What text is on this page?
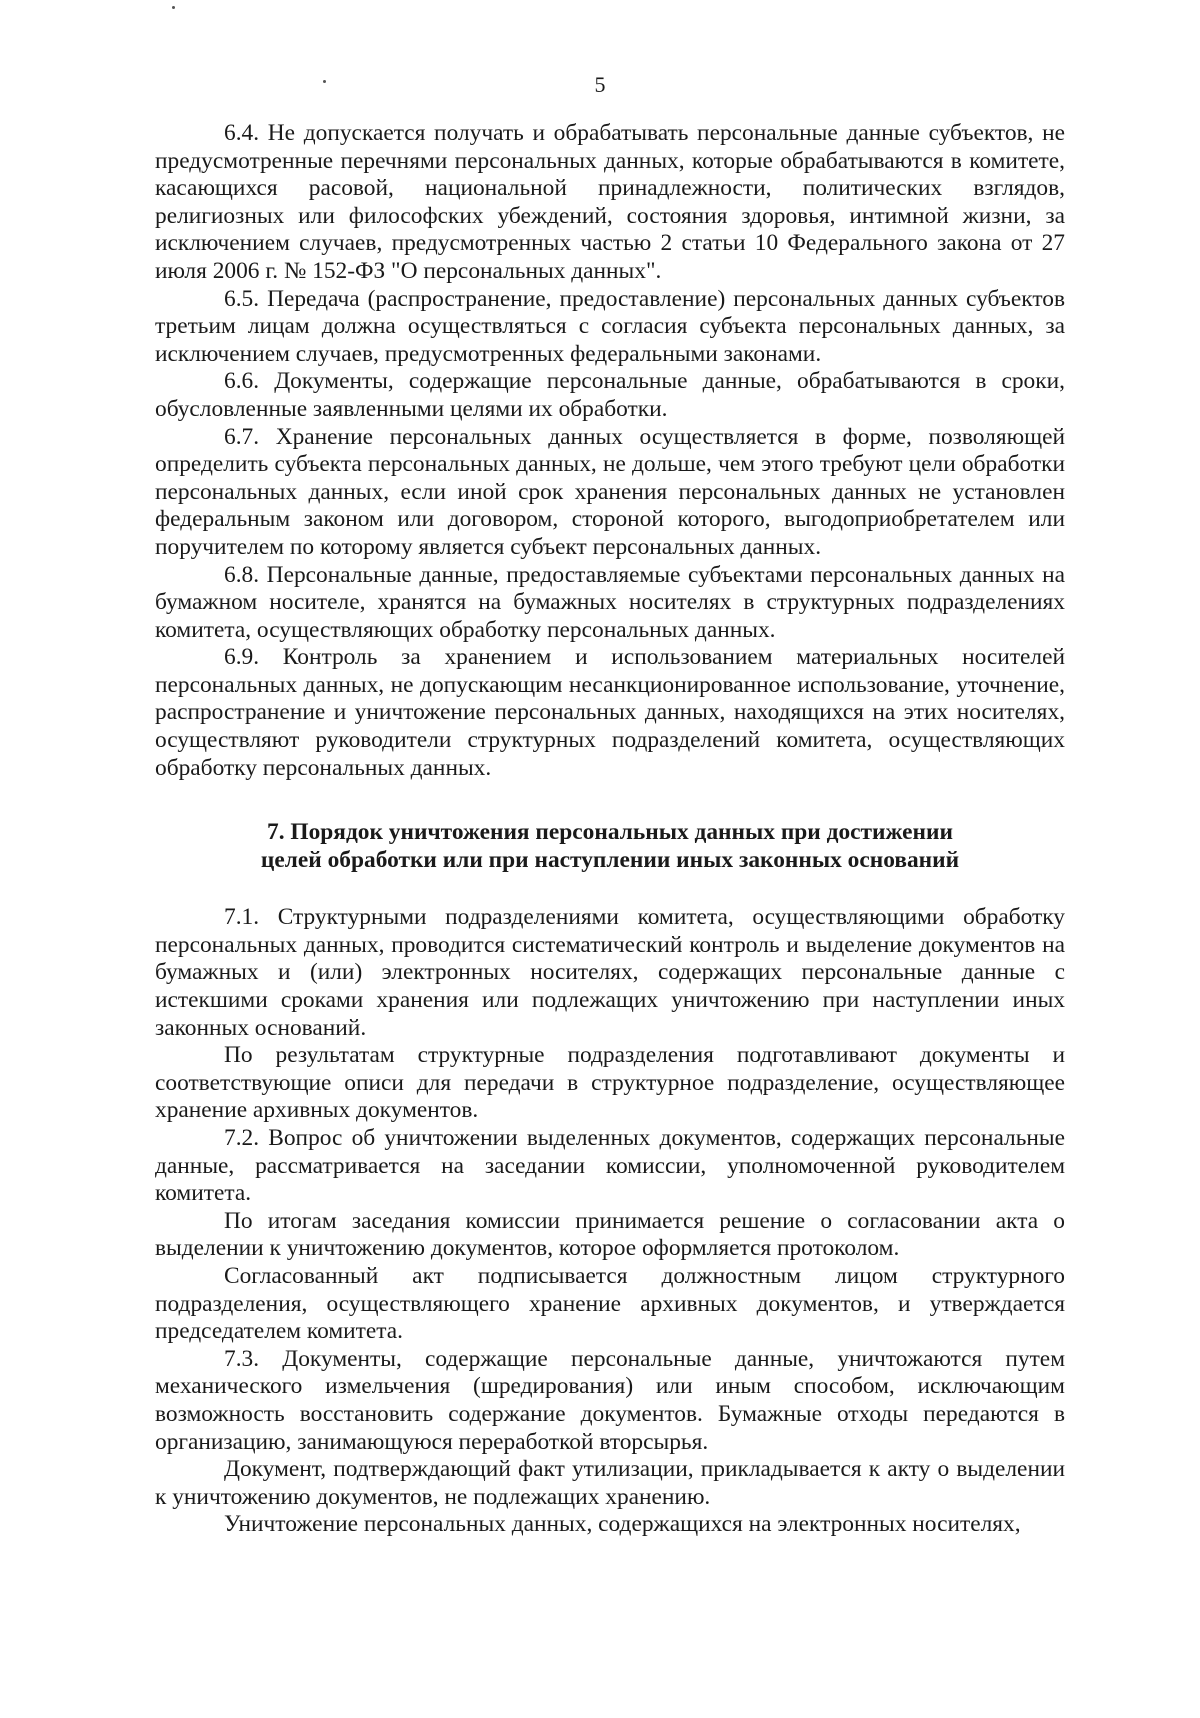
5

6.4. Не допускается получать и обрабатывать персональные данные субъектов, не предусмотренные перечнями персональных данных, которые обрабатываются в комитете, касающихся расовой, национальной принадлежности, политических взглядов, религиозных или философских убеждений, состояния здоровья, интимной жизни, за исключением случаев, предусмотренных частью 2 статьи 10 Федерального закона от 27 июля 2006 г. № 152-ФЗ "О персональных данных".

6.5. Передача (распространение, предоставление) персональных данных субъектов третьим лицам должна осуществляться с согласия субъекта персональных данных, за исключением случаев, предусмотренных федеральными законами.

6.6. Документы, содержащие персональные данные, обрабатываются в сроки, обусловленные заявленными целями их обработки.

6.7. Хранение персональных данных осуществляется в форме, позволяющей определить субъекта персональных данных, не дольше, чем этого требуют цели обработки персональных данных, если иной срок хранения персональных данных не установлен федеральным законом или договором, стороной которого, выгодоприобретателем или поручителем по которому является субъект персональных данных.

6.8. Персональные данные, предоставляемые субъектами персональных данных на бумажном носителе, хранятся на бумажных носителях в структурных подразделениях комитета, осуществляющих обработку персональных данных.

6.9. Контроль за хранением и использованием материальных носителей персональных данных, не допускающим несанкционированное использование, уточнение, распространение и уничтожение персональных данных, находящихся на этих носителях, осуществляют руководители структурных подразделений комитета, осуществляющих обработку персональных данных.

7. Порядок уничтожения персональных данных при достижении

целей обработки или при наступлении иных законных оснований

7.1. Структурными подразделениями комитета, осуществляющими обработку персональных данных, проводится систематический контроль и выделение документов на бумажных и (или) электронных носителях, содержащих персональные данные с истекшими сроками хранения или подлежащих уничтожению при наступлении иных законных оснований.

По результатам структурные подразделения подготавливают документы и соответствующие описи для передачи в структурное подразделение, осуществляющее хранение архивных документов.

7.2. Вопрос об уничтожении выделенных документов, содержащих персональные данные, рассматривается на заседании комиссии, уполномоченной руководителем комитета.

По итогам заседания комиссии принимается решение о согласовании акта о выделении к уничтожению документов, которое оформляется протоколом.

Согласованный акт подписывается должностным лицом структурного подразделения, осуществляющего хранение архивных документов, и утверждается председателем комитета.

7.3. Документы, содержащие персональные данные, уничтожаются путем механического измельчения (шредирования) или иным способом, исключающим возможность восстановить содержание документов. Бумажные отходы передаются в организацию, занимающуюся переработкой вторсырья.

Документ, подтверждающий факт утилизации, прикладывается к акту о выделении к уничтожению документов, не подлежащих хранению.

Уничтожение персональных данных, содержащихся на электронных носителях,
